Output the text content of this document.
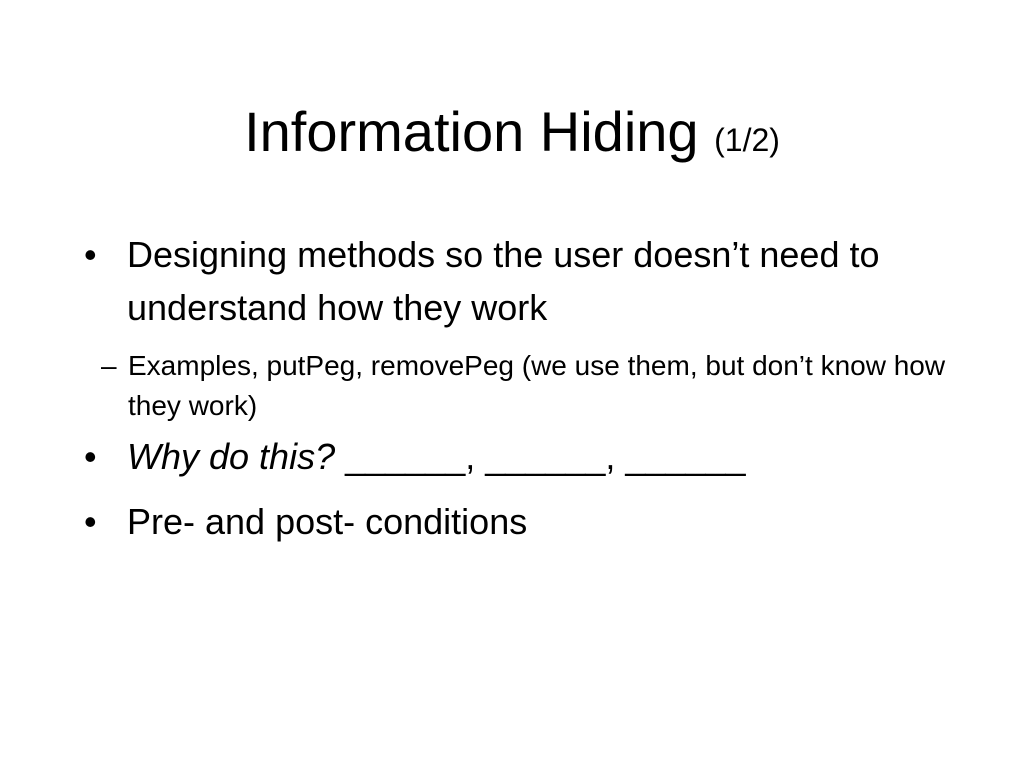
Information Hiding (1/2)
• Designing methods so the user doesn’t need to understand how they work
– Examples, putPeg, removePeg (we use them, but don’t know how they work)
• Why do this? ______, ______, ______
• Pre- and post- conditions
